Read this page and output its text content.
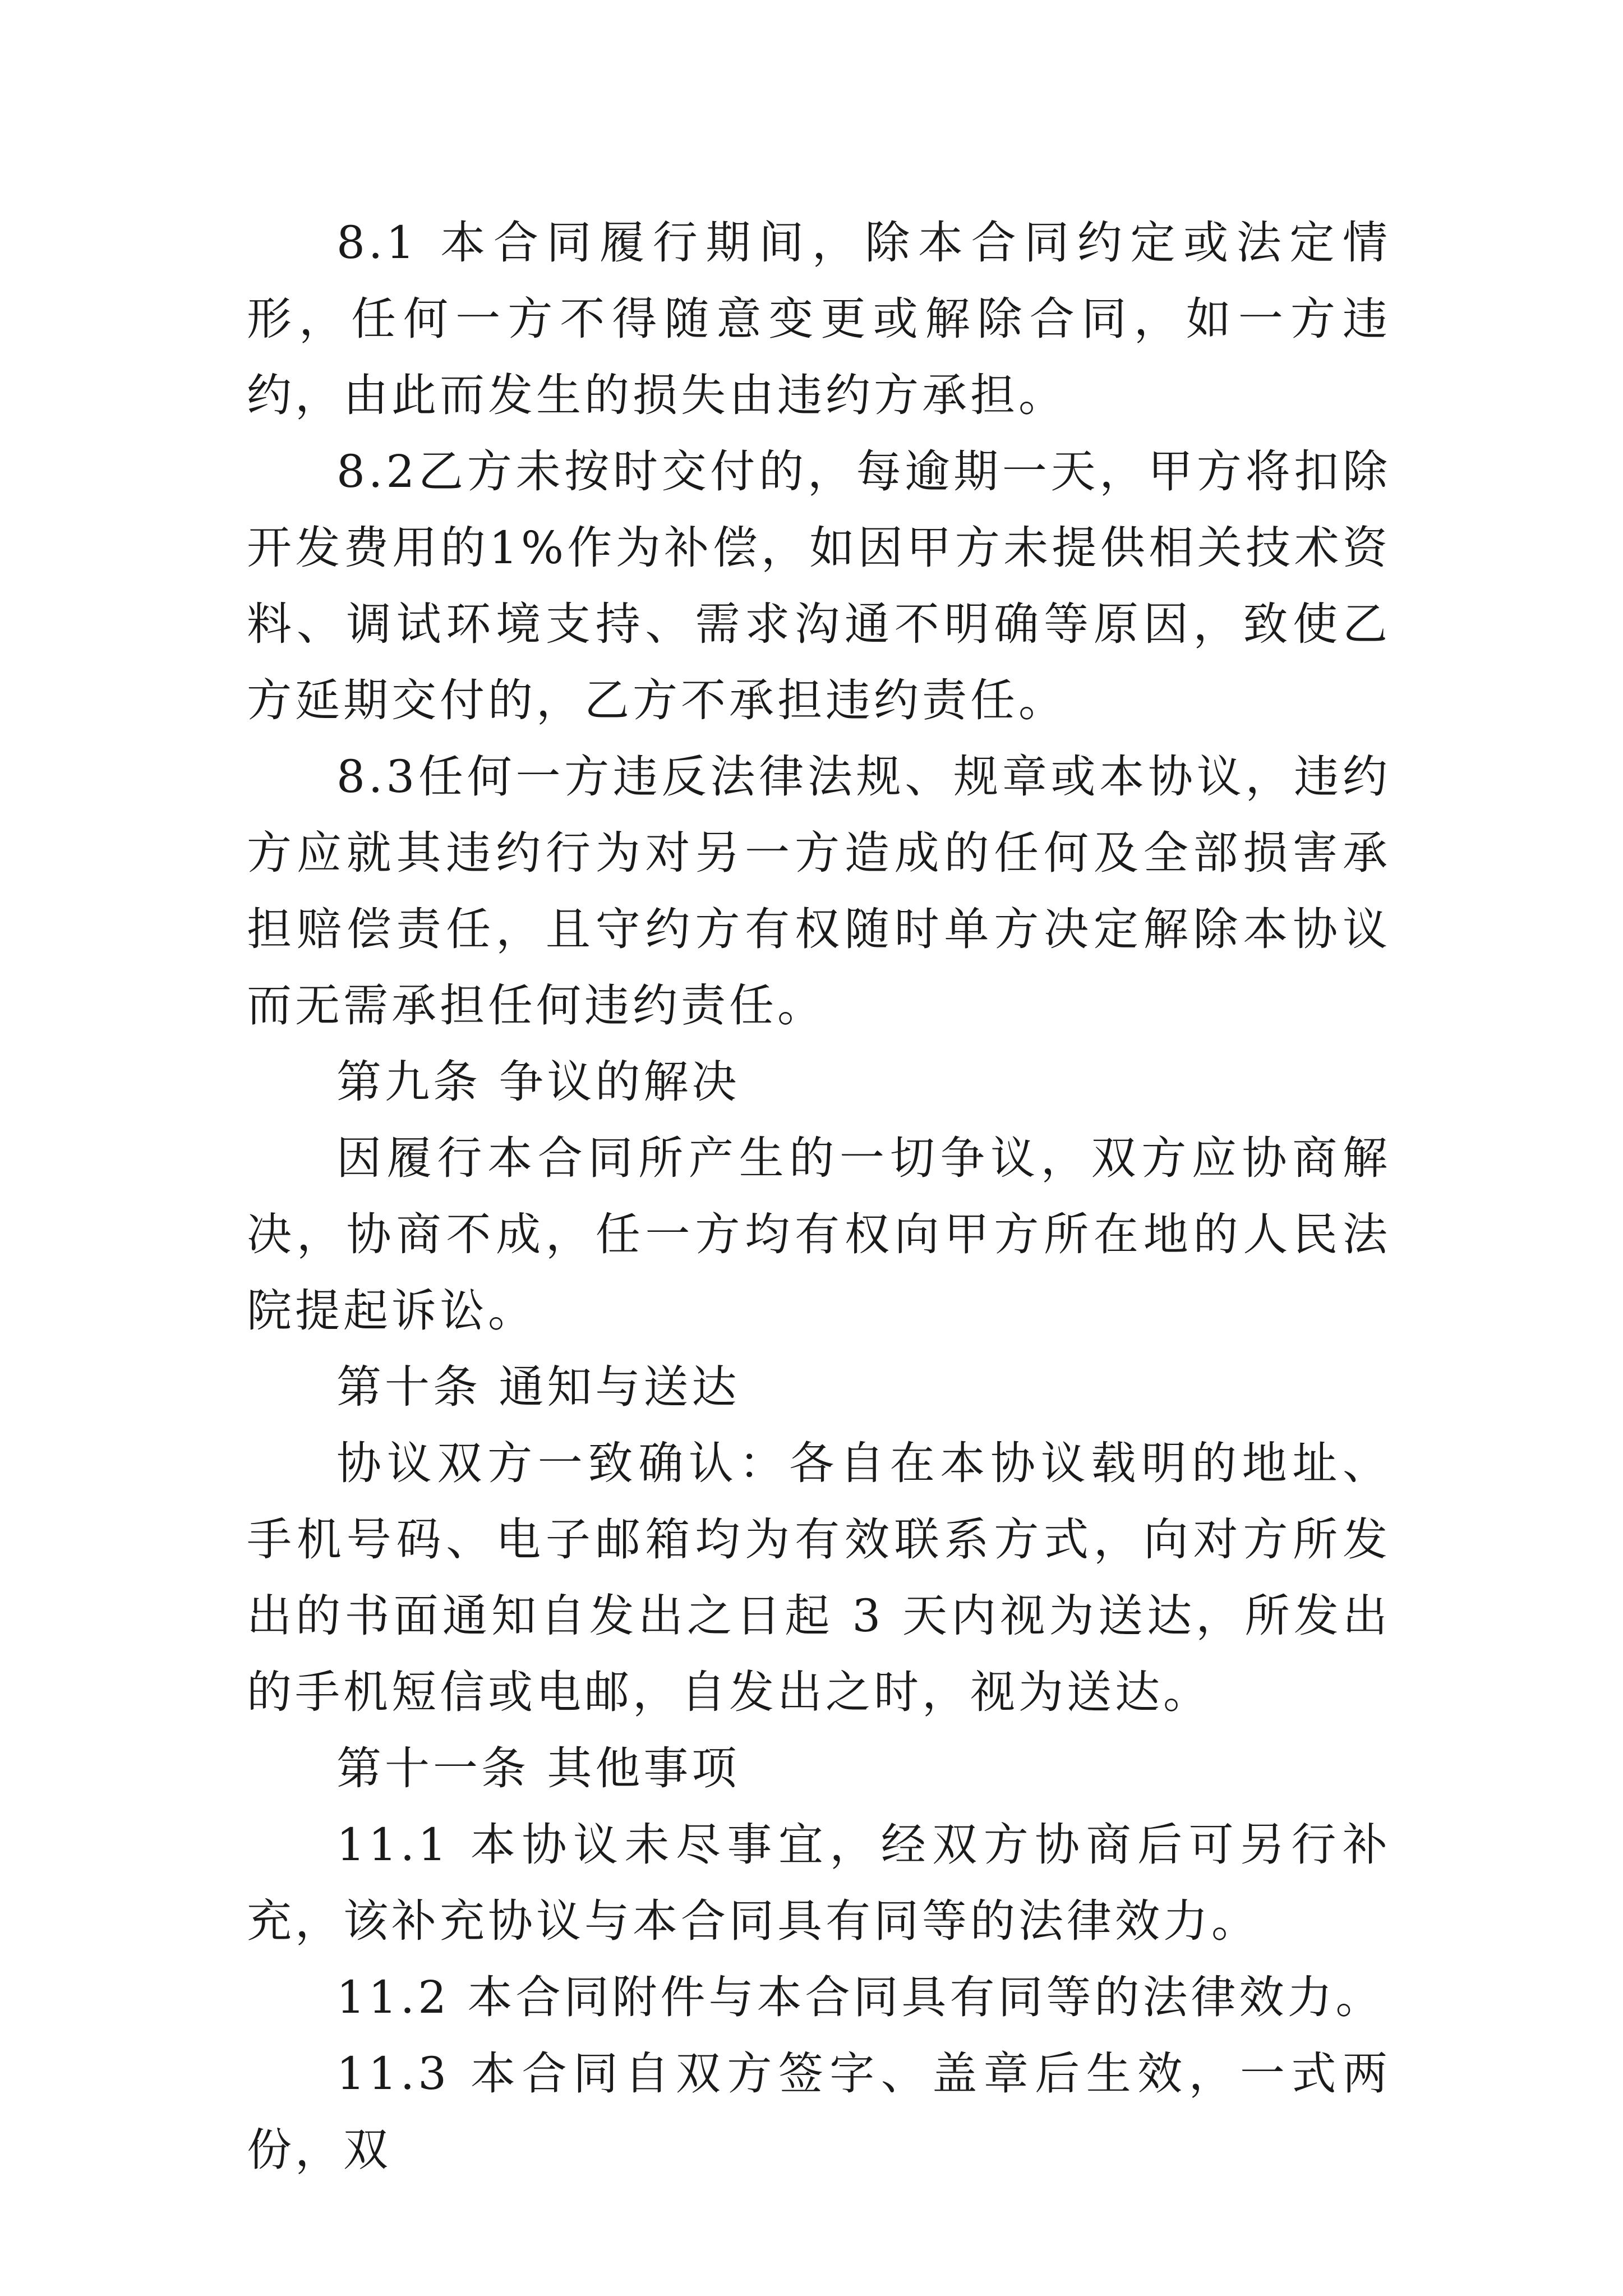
8.1 本合同履行期间，除本合同约定或法定情形，任何一方不得随意变更或解除合同，如一方违约，由此而发生的损失由违约方承担。

8.2乙方未按时交付的，每逾期一天，甲方将扣除开发费用的1%作为补偿，如因甲方未提供相关技术资料、调试环境支持、需求沟通不明确等原因，致使乙方延期交付的，乙方不承担违约责任。

8.3任何一方违反法律法规、规章或本协议，违约方应就其违约行为对另一方造成的任何及全部损害承担赔偿责任，且守约方有权随时单方决定解除本协议而无需承担任何违约责任。

第九条 争议的解决

因履行本合同所产生的一切争议，双方应协商解决，协商不成，任一方均有权向甲方所在地的人民法院提起诉讼。

第十条 通知与送达

协议双方一致确认：各自在本协议载明的地址、手机号码、电子邮箱均为有效联系方式，向对方所发出的书面通知自发出之日起 3 天内视为送达，所发出的手机短信或电邮，自发出之时，视为送达。

第十一条 其他事项

11.1 本协议未尽事宜，经双方协商后可另行补充，该补充协议与本合同具有同等的法律效力。

11.2 本合同附件与本合同具有同等的法律效力。

11.3 本合同自双方签字、盖章后生效，一式两份，双
